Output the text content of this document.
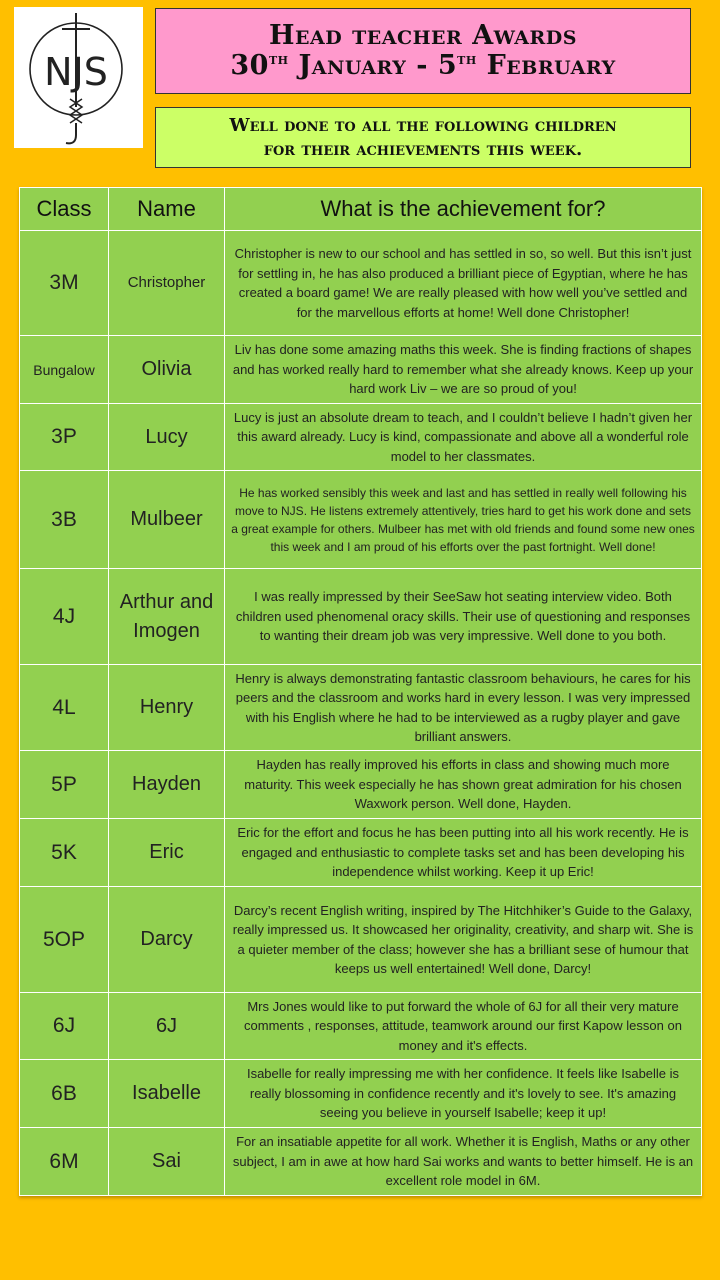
NJS
Head teacher Awards
30th January - 5th February
Well done to all the following children
for their achievements this week.
Class	Name	What is the achievement for?
3M	Christopher	Christopher is new to our school and has settled in so, so well. But this isn’t just for settling in, he has also produced a brilliant piece of Egyptian, where he has created a board game! We are really pleased with how well you’ve settled and for the marvellous efforts at home! Well done Christopher!
Bungalow	Olivia	Liv has done some amazing maths this week. She is finding fractions of shapes and has worked really hard to remember what she already knows. Keep up your hard work Liv – we are so proud of you!
3P	Lucy	Lucy is just an absolute dream to teach, and I couldn’t believe I hadn’t given her this award already. Lucy is kind, compassionate and above all a wonderful role model to her classmates.
3B	Mulbeer	He has worked sensibly this week and last and has settled in really well following his move to NJS. He listens extremely attentively, tries hard to get his work done and sets a great example for others. Mulbeer has met with old friends and found some new ones this week and I am proud of his efforts over the past fortnight. Well done!
4J	Arthur and Imogen	I was really impressed by their SeeSaw hot seating interview video. Both children used phenomenal oracy skills. Their use of questioning and responses to wanting their dream job was very impressive. Well done to you both.
4L	Henry	Henry is always demonstrating fantastic classroom behaviours, he cares for his peers and the classroom and works hard in every lesson. I was very impressed with his English where he had to be interviewed as a rugby player and gave brilliant answers.
5P	Hayden	Hayden has really improved his efforts in class and showing much more maturity. This week especially he has shown great admiration for his chosen Waxwork person. Well done, Hayden.
5K	Eric	Eric for the effort and focus he has been putting into all his work recently. He is engaged and enthusiastic to complete tasks set and has been developing his independence whilst working. Keep it up Eric!
5OP	Darcy	Darcy’s recent English writing, inspired by The Hitchhiker’s Guide to the Galaxy, really impressed us. It showcased her originality, creativity, and sharp wit. She is a quieter member of the class; however she has a brilliant sese of humour that keeps us well entertained! Well done, Darcy!
6J	6J	Mrs Jones would like to put forward the whole of 6J for all their very mature comments , responses, attitude, teamwork around our first Kapow lesson on money and it's effects.
6B	Isabelle	Isabelle for really impressing me with her confidence. It feels like Isabelle is really blossoming in confidence recently and it's lovely to see. It's amazing seeing you believe in yourself Isabelle; keep it up!
6M	Sai	For an insatiable appetite for all work. Whether it is English, Maths or any other subject, I am in awe at how hard Sai works and wants to better himself. He is an excellent role model in 6M.
